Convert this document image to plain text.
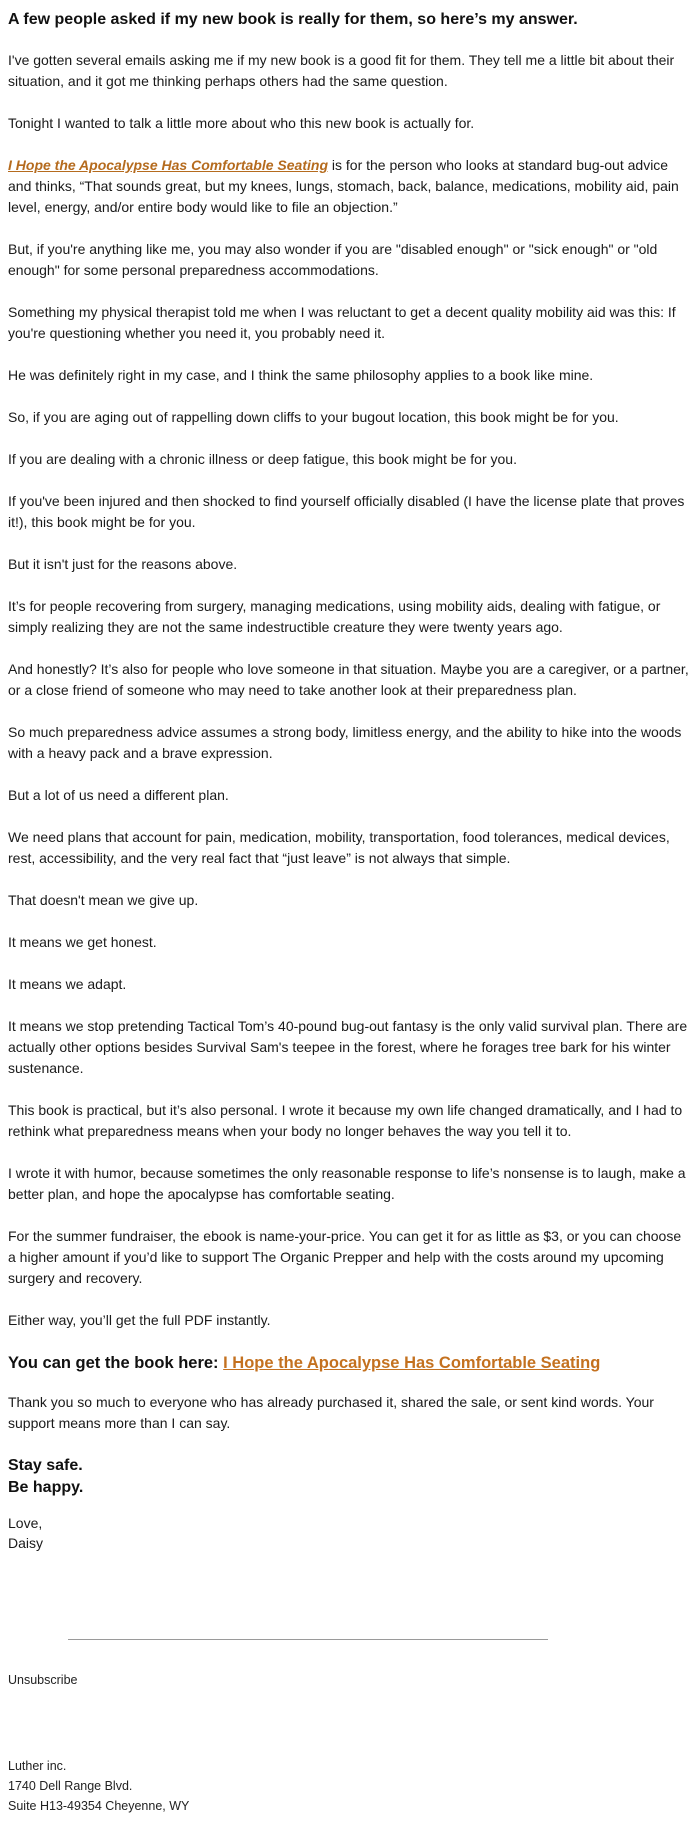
A few people asked if my new book is really for them, so here’s my answer.

I've gotten several emails asking me if my new book is a good fit for them. They tell me a little bit about their situation, and it got me thinking perhaps others had the same question.

Tonight I wanted to talk a little more about who this new book is actually for.

I Hope the Apocalypse Has Comfortable Seating is for the person who looks at standard bug-out advice and thinks, “That sounds great, but my knees, lungs, stomach, back, balance, medications, mobility aid, pain level, energy, and/or entire body would like to file an objection.”

But, if you're anything like me, you may also wonder if you are "disabled enough" or "sick enough" or "old enough" for some personal preparedness accommodations.

Something my physical therapist told me when I was reluctant to get a decent quality mobility aid was this: If you're questioning whether you need it, you probably need it.

He was definitely right in my case, and I think the same philosophy applies to a book like mine.

So, if you are aging out of rappelling down cliffs to your bugout location, this book might be for you.

If you are dealing with a chronic illness or deep fatigue, this book might be for you.

If you've been injured and then shocked to find yourself officially disabled (I have the license plate that proves it!), this book might be for you.

But it isn't just for the reasons above.

It’s for people recovering from surgery, managing medications, using mobility aids, dealing with fatigue, or simply realizing they are not the same indestructible creature they were twenty years ago.

And honestly? It’s also for people who love someone in that situation. Maybe you are a caregiver, or a partner, or a close friend of someone who may need to take another look at their preparedness plan.

So much preparedness advice assumes a strong body, limitless energy, and the ability to hike into the woods with a heavy pack and a brave expression.

But a lot of us need a different plan.

We need plans that account for pain, medication, mobility, transportation, food tolerances, medical devices, rest, accessibility, and the very real fact that “just leave” is not always that simple.

That doesn't mean we give up.

It means we get honest.

It means we adapt.

It means we stop pretending Tactical Tom’s 40-pound bug-out fantasy is the only valid survival plan. There are actually other options besides Survival Sam's teepee in the forest, where he forages tree bark for his winter sustenance.

This book is practical, but it’s also personal. I wrote it because my own life changed dramatically, and I had to rethink what preparedness means when your body no longer behaves the way you tell it to.

I wrote it with humor, because sometimes the only reasonable response to life’s nonsense is to laugh, make a better plan, and hope the apocalypse has comfortable seating.

For the summer fundraiser, the ebook is name-your-price. You can get it for as little as $3, or you can choose a higher amount if you’d like to support The Organic Prepper and help with the costs around my upcoming surgery and recovery.

Either way, you’ll get the full PDF instantly.

You can get the book here: I Hope the Apocalypse Has Comfortable Seating

Thank you so much to everyone who has already purchased it, shared the sale, or sent kind words. Your support means more than I can say.

Stay safe.
Be happy.
Love,
Daisy
Unsubscribe
Luther inc.
1740 Dell Range Blvd.
Suite H13-49354 Cheyenne, WY
